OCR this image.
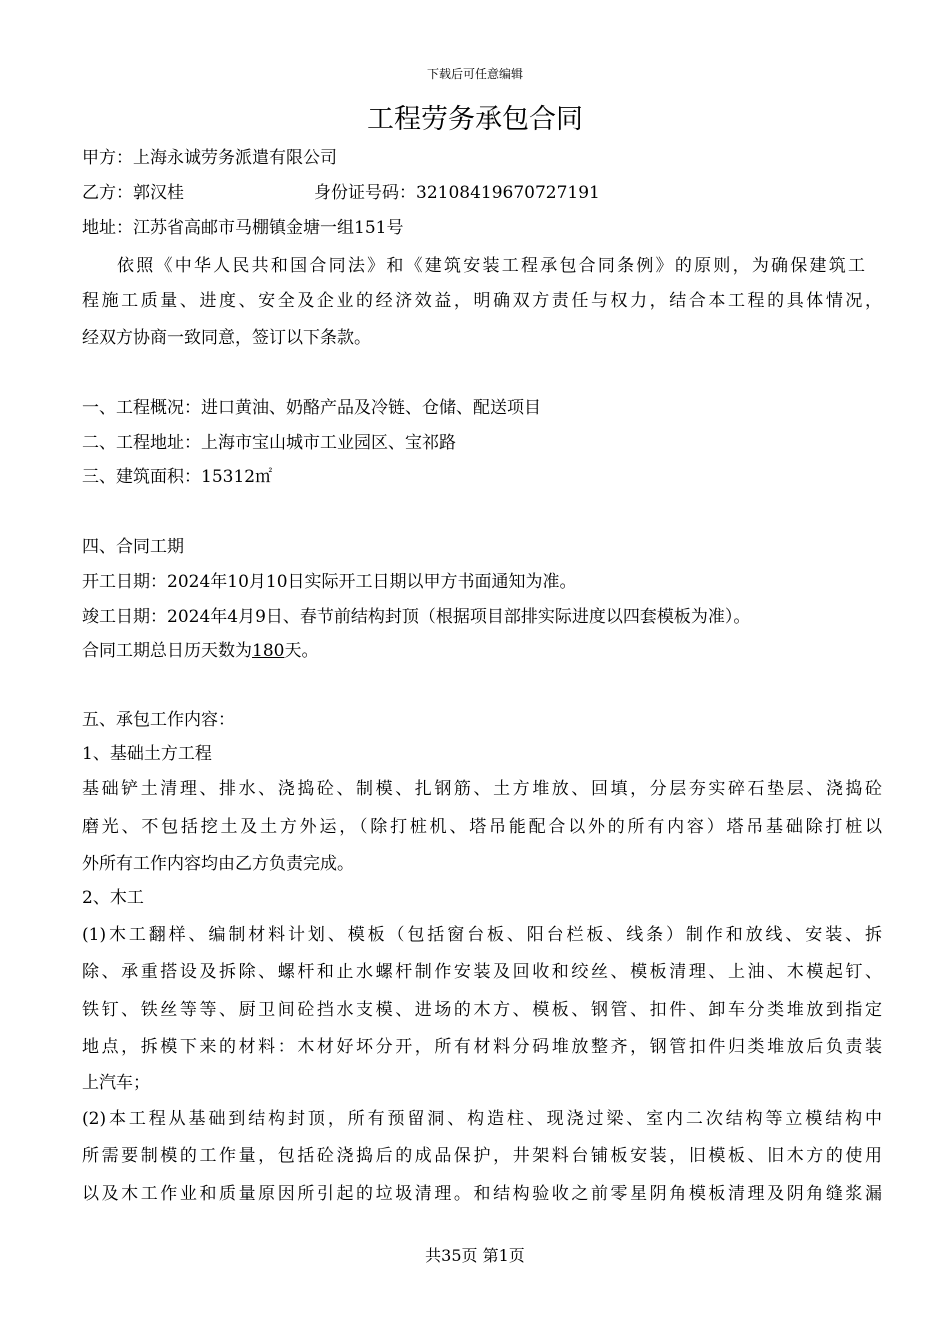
下载后可任意编辑
工程劳务承包合同
甲方：上海永诚劳务派遣有限公司
乙方：郭汉桂	身份证号码：32108419670727191
地址：江苏省高邮市马棚镇金塘一组151号
依照《中华人民共和国合同法》和《建筑安装工程承包合同条例》的原则，为确保建筑工
程施工质量、进度、安全及企业的经济效益，明确双方责任与权力，结合本工程的具体情况，
经双方协商一致同意，签订以下条款。
一、工程概况：进口黄油、奶酪产品及冷链、仓储、配送项目
二、工程地址：上海市宝山城市工业园区、宝祁路
三、建筑面积：15312㎡
四、合同工期
开工日期：2024年10月10日实际开工日期以甲方书面通知为准。
竣工日期：2024年4月9日、春节前结构封顶（根据项目部排实际进度以四套模板为准）。
合同工期总日历天数为180天。
五、承包工作内容：
1、基础土方工程
基础铲土清理、排水、浇捣砼、制模、扎钢筋、土方堆放、回填，分层夯实碎石垫层、浇捣砼
磨光、不包括挖土及土方外运，（除打桩机、塔吊能配合以外的所有内容）塔吊基础除打桩以
外所有工作内容均由乙方负责完成。
2、木工
(1)木工翻样、编制材料计划、模板（包括窗台板、阳台栏板、线条）制作和放线、安装、拆
除、承重搭设及拆除、螺杆和止水螺杆制作安装及回收和绞丝、模板清理、上油、木模起钉、
铁钉、铁丝等等、厨卫间砼挡水支模、进场的木方、模板、钢管、扣件、卸车分类堆放到指定
地点，拆模下来的材料：木材好坏分开，所有材料分码堆放整齐，钢管扣件归类堆放后负责装
上汽车；
(2)本工程从基础到结构封顶，所有预留洞、构造柱、现浇过梁、室内二次结构等立模结构中
所需要制模的工作量，包括砼浇捣后的成品保护，井架料台铺板安装，旧模板、旧木方的使用
以及木工作业和质量原因所引起的垃圾清理。和结构验收之前零星阴角模板清理及阴角缝浆漏
共35页 第1页
